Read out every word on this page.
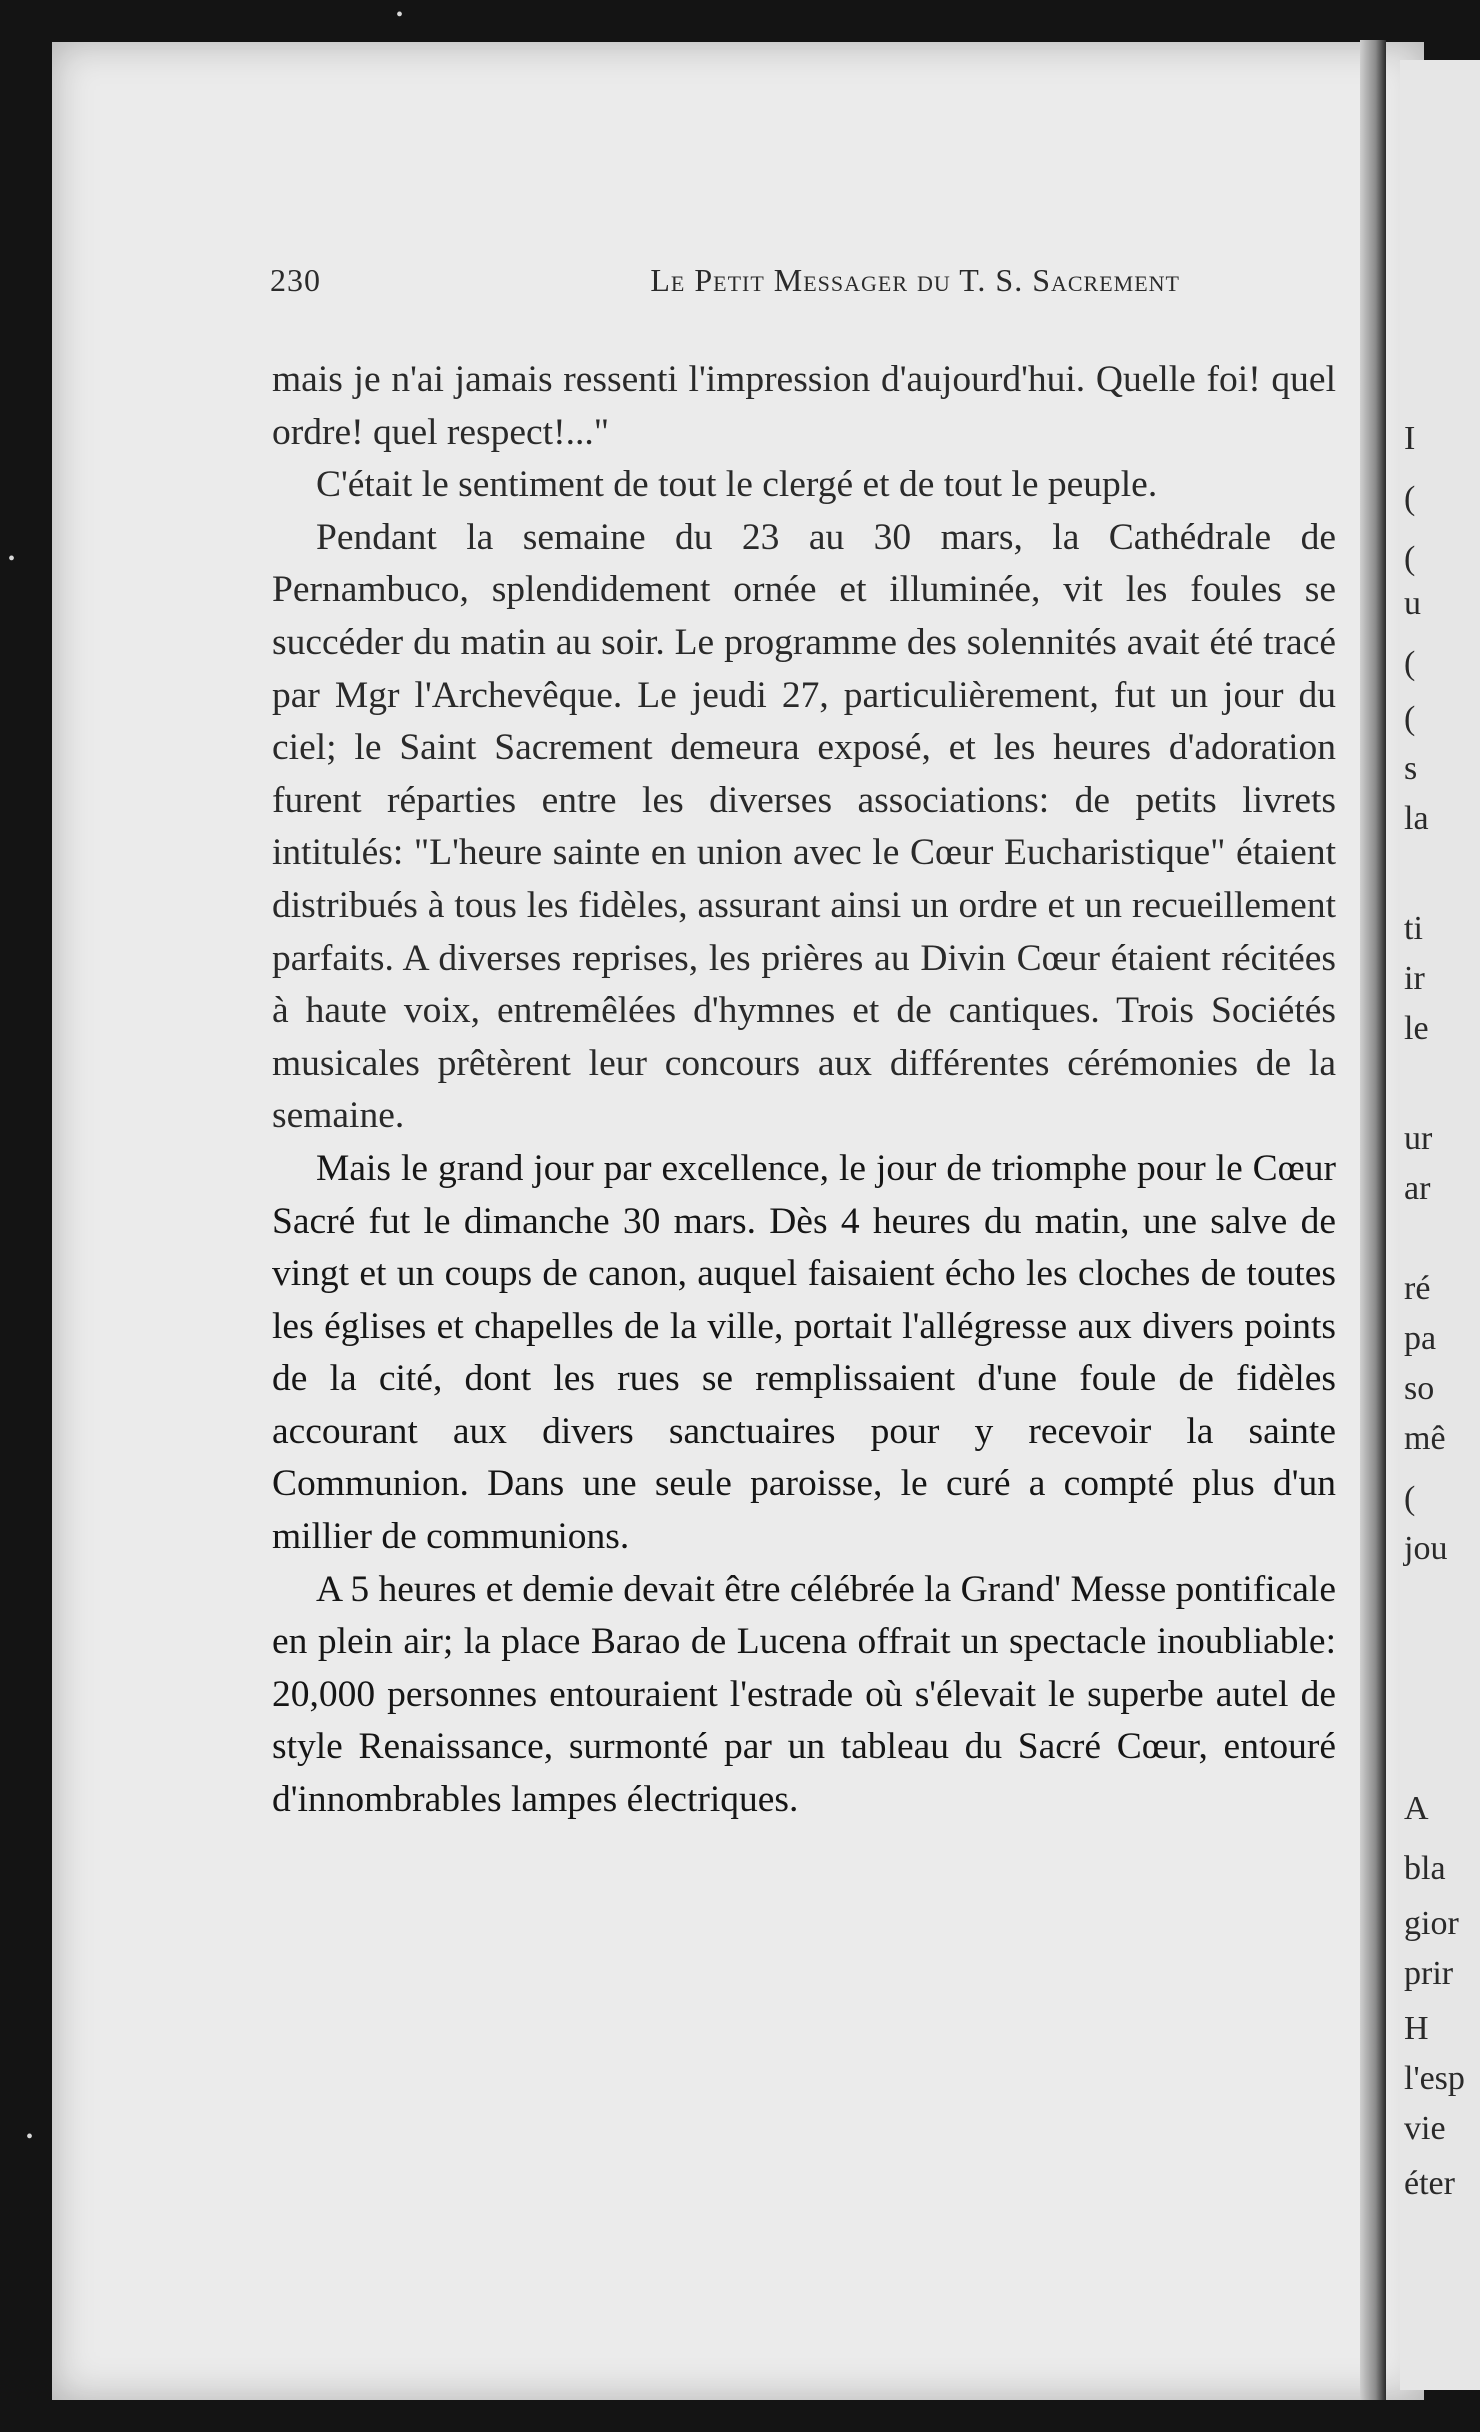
I
(
(
u
(
(
s
la
ti
ir
le
ur
ar
ré
pa
so
mê
(
jou
A
bla
gior
prir
H
l'esp
vie
éter
230	Le Petit Messager du T. S. Sacrement

mais je n'ai jamais ressenti l'impression d'aujourd'hui. Quelle foi! quel ordre! quel respect!..."

C'était le sentiment de tout le clergé et de tout le peuple.

Pendant la semaine du 23 au 30 mars, la Cathédrale de Pernambuco, splendidement ornée et illuminée, vit les foules se succéder du matin au soir. Le programme des solennités avait été tracé par Mgr l'Archevêque. Le jeudi 27, particulièrement, fut un jour du ciel; le Saint Sacrement demeura exposé, et les heures d'adoration furent réparties entre les diverses associations: de petits livrets intitulés: "L'heure sainte en union avec le Cœur Eucharistique" étaient distribués à tous les fidèles, assurant ainsi un ordre et un recueillement parfaits. A diverses reprises, les prières au Divin Cœur étaient récitées à haute voix, entremêlées d'hymnes et de cantiques. Trois Sociétés musicales prêtèrent leur concours aux différentes cérémonies de la semaine.

Mais le grand jour par excellence, le jour de triomphe pour le Cœur Sacré fut le dimanche 30 mars. Dès 4 heures du matin, une salve de vingt et un coups de canon, auquel faisaient écho les cloches de toutes les églises et chapelles de la ville, portait l'allégresse aux divers points de la cité, dont les rues se remplissaient d'une foule de fidèles accourant aux divers sanctuaires pour y recevoir la sainte Communion. Dans une seule paroisse, le curé a compté plus d'un millier de communions.

A 5 heures et demie devait être célébrée la Grand' Messe pontificale en plein air; la place Barao de Lucena offrait un spectacle inoubliable: 20,000 personnes entouraient l'estrade où s'élevait le superbe autel de style Renaissance, surmonté par un tableau du Sacré Cœur, entouré d'innombrables lampes électriques.

•
•
•
